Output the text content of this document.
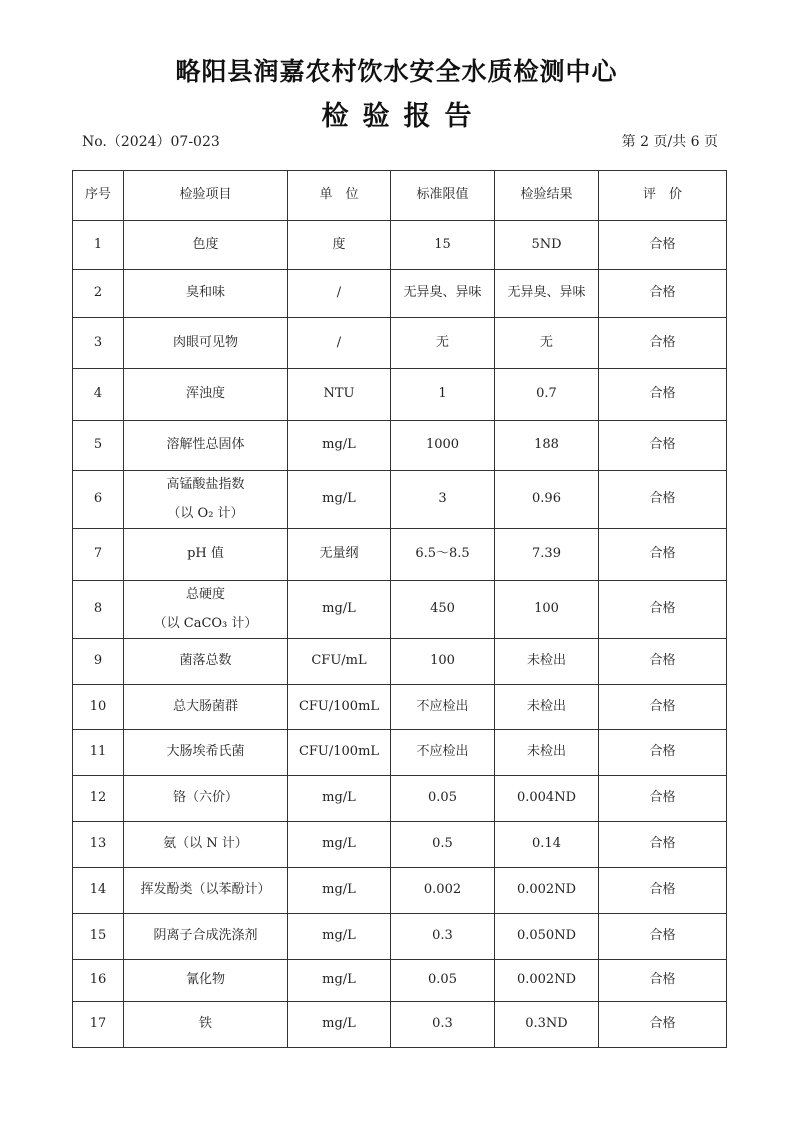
略阳县润嘉农村饮水安全水质检测中心
检验报告
No.（2024）07-023	第 2 页/共 6 页
序号	检验项目	单　位	标准限值	检验结果	评　价
1	色度	度	15	5ND	合格
2	臭和味	/	无异臭、异味	无异臭、异味	合格
3	肉眼可见物	/	无	无	合格
4	浑浊度	NTU	1	0.7	合格
5	溶解性总固体	mg/L	1000	188	合格
6	高锰酸盐指数
（以 O₂ 计）	mg/L	3	0.96	合格
7	pH 值	无量纲	6.5～8.5	7.39	合格
8	总硬度
（以 CaCO₃ 计）	mg/L	450	100	合格
9	菌落总数	CFU/mL	100	未检出	合格
10	总大肠菌群	CFU/100mL	不应检出	未检出	合格
11	大肠埃希氏菌	CFU/100mL	不应检出	未检出	合格
12	铬（六价）	mg/L	0.05	0.004ND	合格
13	氨（以 N 计）	mg/L	0.5	0.14	合格
14	挥发酚类（以苯酚计）	mg/L	0.002	0.002ND	合格
15	阴离子合成洗涤剂	mg/L	0.3	0.050ND	合格
16	氰化物	mg/L	0.05	0.002ND	合格
17	铁	mg/L	0.3	0.3ND	合格
